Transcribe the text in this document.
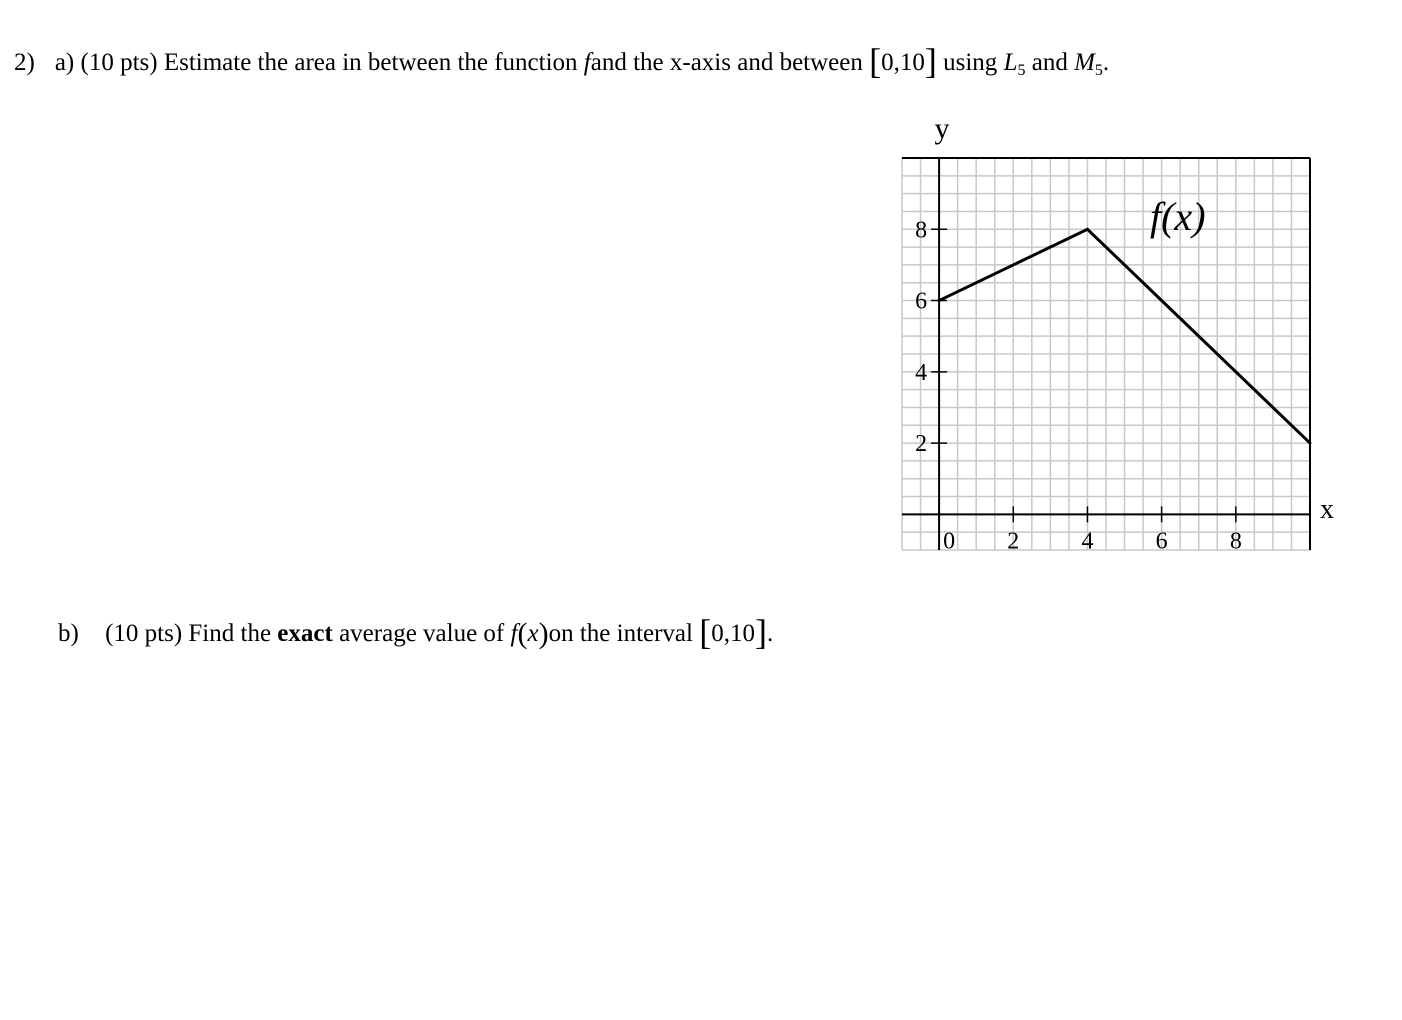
2) a) (10 pts) Estimate the area in between the function fand the x-axis and between [0,10] using $L_5$ and $M_5$.
2
4
6
8
0 2	4	6	8
y
x
f(x)
b) (10 pts) Find the exact average value of f(x)on the interval [0,10].
